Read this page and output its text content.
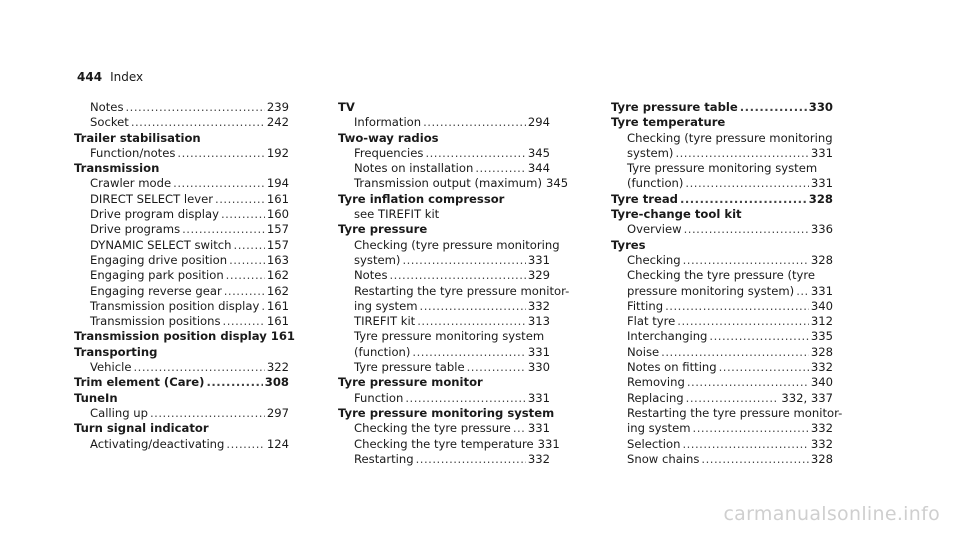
444 Index
Notes .....	239
Socket .....	242
Trailer stabilisation
Function/notes .....	192
Transmission
Crawler mode .....	194
DIRECT SELECT lever .....	161
Drive program display .....	160
Drive programs .....	157
DYNAMIC SELECT switch .....	157
Engaging drive position .....	163
Engaging park position .....	162
Engaging reverse gear .....	162
Transmission position display ..... 161
Transmission positions .....	161
Transmission position display 161
Transporting
Vehicle .....	322
Trim element (Care) .....	308
TuneIn
Calling up .....	297
Turn signal indicator
Activating/deactivating .....	124
TV
Information .....	294
Two-way radios
Frequencies .....	345
Notes on installation .....	344
Transmission output (maximum) 345
Tyre inflation compressor
see TIREFIT kit
Tyre pressure
Checking (tyre pressure monitoring
system) .....	331
Notes .....	329
Restarting the tyre pressure monitor-
ing system .....	332
TIREFIT kit .....	313
Tyre pressure monitoring system
(function) .....	331
Tyre pressure table .....	330
Tyre pressure monitor
Function .....	331
Tyre pressure monitoring system
Checking the tyre pressure ..... 331
Checking the tyre temperature 331
Restarting .....	332
Tyre pressure table .....	330
Tyre temperature
Checking (tyre pressure monitoring
system) .....	331
Tyre pressure monitoring system
(function) .....	331
Tyre tread .....	328
Tyre-change tool kit
Overview .....	336
Tyres
Checking .....	328
Checking the tyre pressure (tyre
pressure monitoring system) ..... 331
Fitting .....	340
Flat tyre .....	312
Interchanging .....	335
Noise .....	328
Notes on fitting .....	332
Removing .....	340
Replacing .....	332, 337
Restarting the tyre pressure monitor-
ing system .....	332
Selection .....	332
Snow chains .....	328
carmanualsonline.info
